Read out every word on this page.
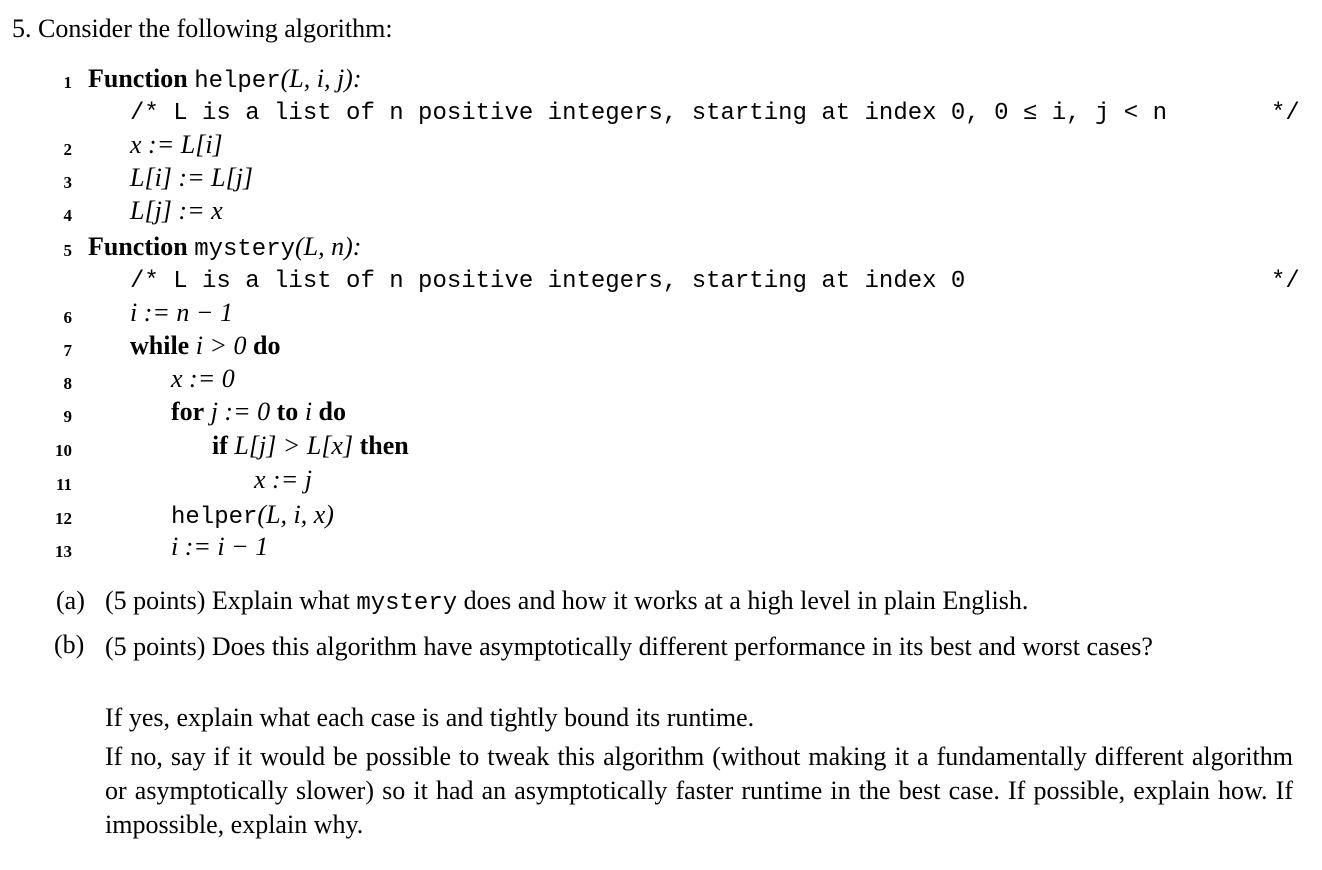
5. Consider the following algorithm:
1
2
3
4
5
6
7
8
9
10
11
12
13
Function helper(L, i, j):
/* L is a list of n positive integers, starting at index 0, 0 ≤ i, j < n	*/
x := L[i]
L[i] := L[j]
L[j] := x
Function mystery(L, n):
/* L is a list of n positive integers, starting at index 0	*/
i := n − 1
while i > 0 do
x := 0
for j := 0 to i do
if L[j] > L[x] then
x := j
helper(L, i, x)
i := i − 1
(a) (5 points) Explain what mystery does and how it works at a high level in plain English.
(b) (5 points) Does this algorithm have asymptotically different performance in its best and worst cases?
If yes, explain what each case is and tightly bound its runtime.
If no, say if it would be possible to tweak this algorithm (without making it a fundamentally different algorithm or asymptotically slower) so it had an asymptotically faster runtime in the best case. If possible, explain how. If impossible, explain why.
